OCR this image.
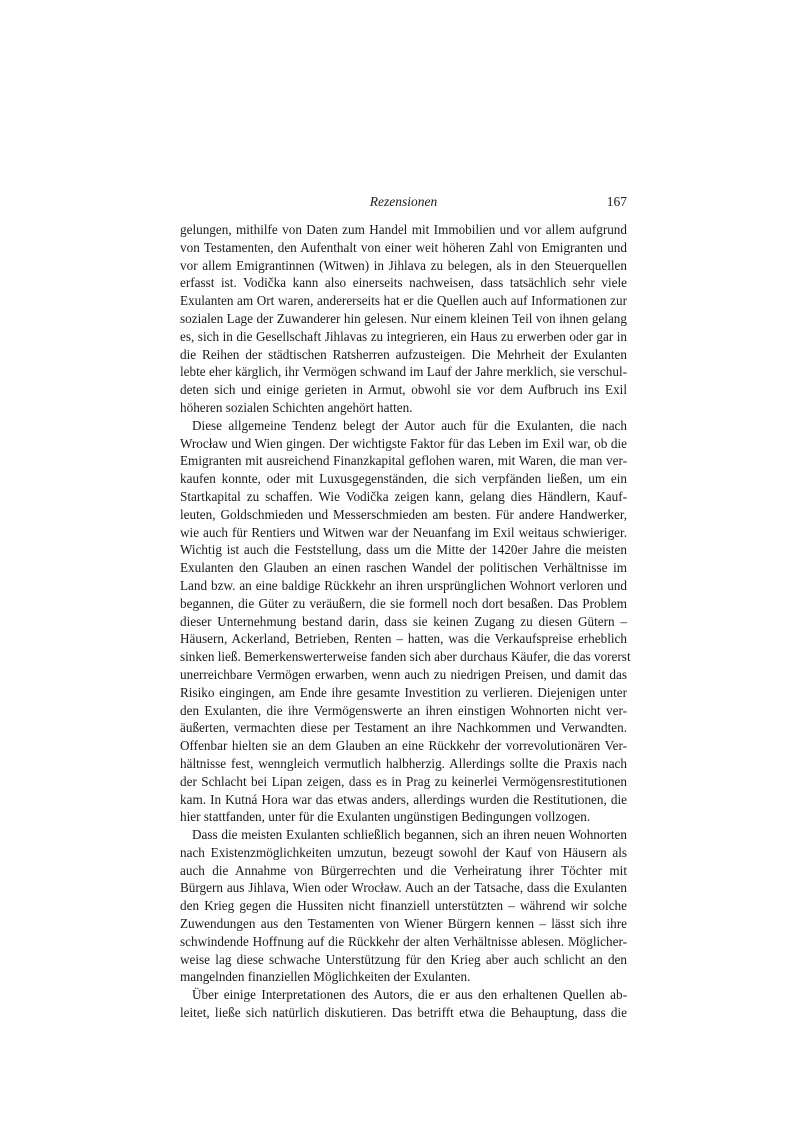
Rezensionen	167
gelungen, mithilfe von Daten zum Handel mit Immobilien und vor allem aufgrund
von Testamenten, den Aufenthalt von einer weit höheren Zahl von Emigranten und
vor allem Emigrantinnen (Witwen) in Jihlava zu belegen, als in den Steuerquellen
erfasst ist. Vodička kann also einerseits nachweisen, dass tatsächlich sehr viele
Exulanten am Ort waren, andererseits hat er die Quellen auch auf Informationen zur
sozialen Lage der Zuwanderer hin gelesen. Nur einem kleinen Teil von ihnen gelang
es, sich in die Gesellschaft Jihlavas zu integrieren, ein Haus zu erwerben oder gar in
die Reihen der städtischen Ratsherren aufzusteigen. Die Mehrheit der Exulanten
lebte eher kärglich, ihr Vermögen schwand im Lauf der Jahre merklich, sie verschul-
deten sich und einige gerieten in Armut, obwohl sie vor dem Aufbruch ins Exil
höheren sozialen Schichten angehört hatten.
Diese allgemeine Tendenz belegt der Autor auch für die Exulanten, die nach
Wrocław und Wien gingen. Der wichtigste Faktor für das Leben im Exil war, ob die
Emigranten mit ausreichend Finanzkapital geflohen waren, mit Waren, die man ver-
kaufen konnte, oder mit Luxusgegenständen, die sich verpfänden ließen, um ein
Startkapital zu schaffen. Wie Vodička zeigen kann, gelang dies Händlern, Kauf-
leuten, Goldschmieden und Messerschmieden am besten. Für andere Handwerker,
wie auch für Rentiers und Witwen war der Neuanfang im Exil weitaus schwieriger.
Wichtig ist auch die Feststellung, dass um die Mitte der 1420er Jahre die meisten
Exulanten den Glauben an einen raschen Wandel der politischen Verhältnisse im
Land bzw. an eine baldige Rückkehr an ihren ursprünglichen Wohnort verloren und
begannen, die Güter zu veräußern, die sie formell noch dort besaßen. Das Problem
dieser Unternehmung bestand darin, dass sie keinen Zugang zu diesen Gütern –
Häusern, Ackerland, Betrieben, Renten – hatten, was die Verkaufspreise erheblich
sinken ließ. Bemerkenswerterweise fanden sich aber durchaus Käufer, die das vorerst
unerreichbare Vermögen erwarben, wenn auch zu niedrigen Preisen, und damit das
Risiko eingingen, am Ende ihre gesamte Investition zu verlieren. Diejenigen unter
den Exulanten, die ihre Vermögenswerte an ihren einstigen Wohnorten nicht ver-
äußerten, vermachten diese per Testament an ihre Nachkommen und Verwandten.
Offenbar hielten sie an dem Glauben an eine Rückkehr der vorrevolutionären Ver-
hältnisse fest, wenngleich vermutlich halbherzig. Allerdings sollte die Praxis nach
der Schlacht bei Lipan zeigen, dass es in Prag zu keinerlei Vermögensrestitutionen
kam. In Kutná Hora war das etwas anders, allerdings wurden die Restitutionen, die
hier stattfanden, unter für die Exulanten ungünstigen Bedingungen vollzogen.
Dass die meisten Exulanten schließlich begannen, sich an ihren neuen Wohnorten
nach Existenzmöglichkeiten umzutun, bezeugt sowohl der Kauf von Häusern als
auch die Annahme von Bürgerrechten und die Verheiratung ihrer Töchter mit
Bürgern aus Jihlava, Wien oder Wrocław. Auch an der Tatsache, dass die Exulanten
den Krieg gegen die Hussiten nicht finanziell unterstützten – während wir solche
Zuwendungen aus den Testamenten von Wiener Bürgern kennen – lässt sich ihre
schwindende Hoffnung auf die Rückkehr der alten Verhältnisse ablesen. Möglicher-
weise lag diese schwache Unterstützung für den Krieg aber auch schlicht an den
mangelnden finanziellen Möglichkeiten der Exulanten.
Über einige Interpretationen des Autors, die er aus den erhaltenen Quellen ab-
leitet, ließe sich natürlich diskutieren. Das betrifft etwa die Behauptung, dass die
